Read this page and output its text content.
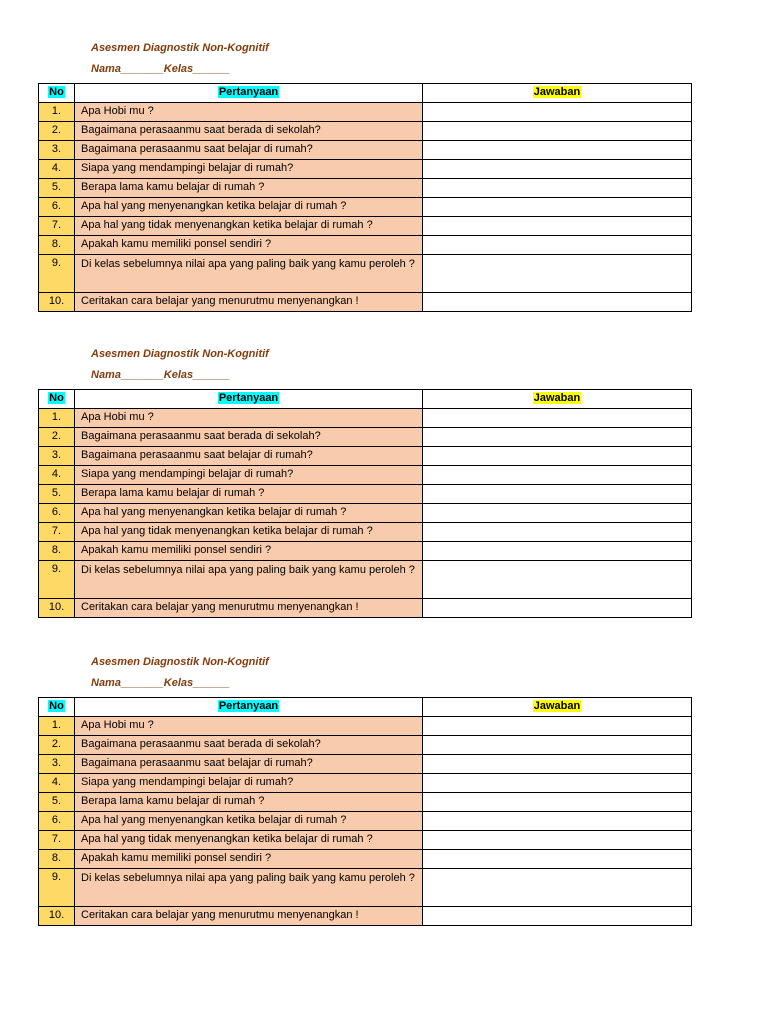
Asesmen Diagnostik Non-Kognitif
Nama_______Kelas______
No	Pertanyaan	Jawaban
1.	Apa Hobi mu ?	
2.	Bagaimana perasaanmu saat berada di sekolah?	
3.	Bagaimana perasaanmu saat belajar di rumah?	
4.	Siapa yang mendampingi belajar di rumah?	
5.	Berapa lama kamu belajar di rumah ?	
6.	Apa hal yang menyenangkan ketika belajar di rumah ?	
7.	Apa hal yang tidak menyenangkan ketika belajar di rumah ?	
8.	Apakah kamu memiliki ponsel sendiri ?	
9.	Di kelas sebelumnya nilai apa yang paling baik yang kamu peroleh ?	

10.	Ceritakan cara belajar yang menurutmu menyenangkan !	
Asesmen Diagnostik Non-Kognitif
Nama_______Kelas______
No	Pertanyaan	Jawaban
1.	Apa Hobi mu ?	
2.	Bagaimana perasaanmu saat berada di sekolah?	
3.	Bagaimana perasaanmu saat belajar di rumah?	
4.	Siapa yang mendampingi belajar di rumah?	
5.	Berapa lama kamu belajar di rumah ?	
6.	Apa hal yang menyenangkan ketika belajar di rumah ?	
7.	Apa hal yang tidak menyenangkan ketika belajar di rumah ?	
8.	Apakah kamu memiliki ponsel sendiri ?	
9.	Di kelas sebelumnya nilai apa yang paling baik yang kamu peroleh ?	

10.	Ceritakan cara belajar yang menurutmu menyenangkan !	
Asesmen Diagnostik Non-Kognitif
Nama_______Kelas______
No	Pertanyaan	Jawaban
1.	Apa Hobi mu ?	
2.	Bagaimana perasaanmu saat berada di sekolah?	
3.	Bagaimana perasaanmu saat belajar di rumah?	
4.	Siapa yang mendampingi belajar di rumah?	
5.	Berapa lama kamu belajar di rumah ?	
6.	Apa hal yang menyenangkan ketika belajar di rumah ?	
7.	Apa hal yang tidak menyenangkan ketika belajar di rumah ?	
8.	Apakah kamu memiliki ponsel sendiri ?	
9.	Di kelas sebelumnya nilai apa yang paling baik yang kamu peroleh ?	

10.	Ceritakan cara belajar yang menurutmu menyenangkan !	
